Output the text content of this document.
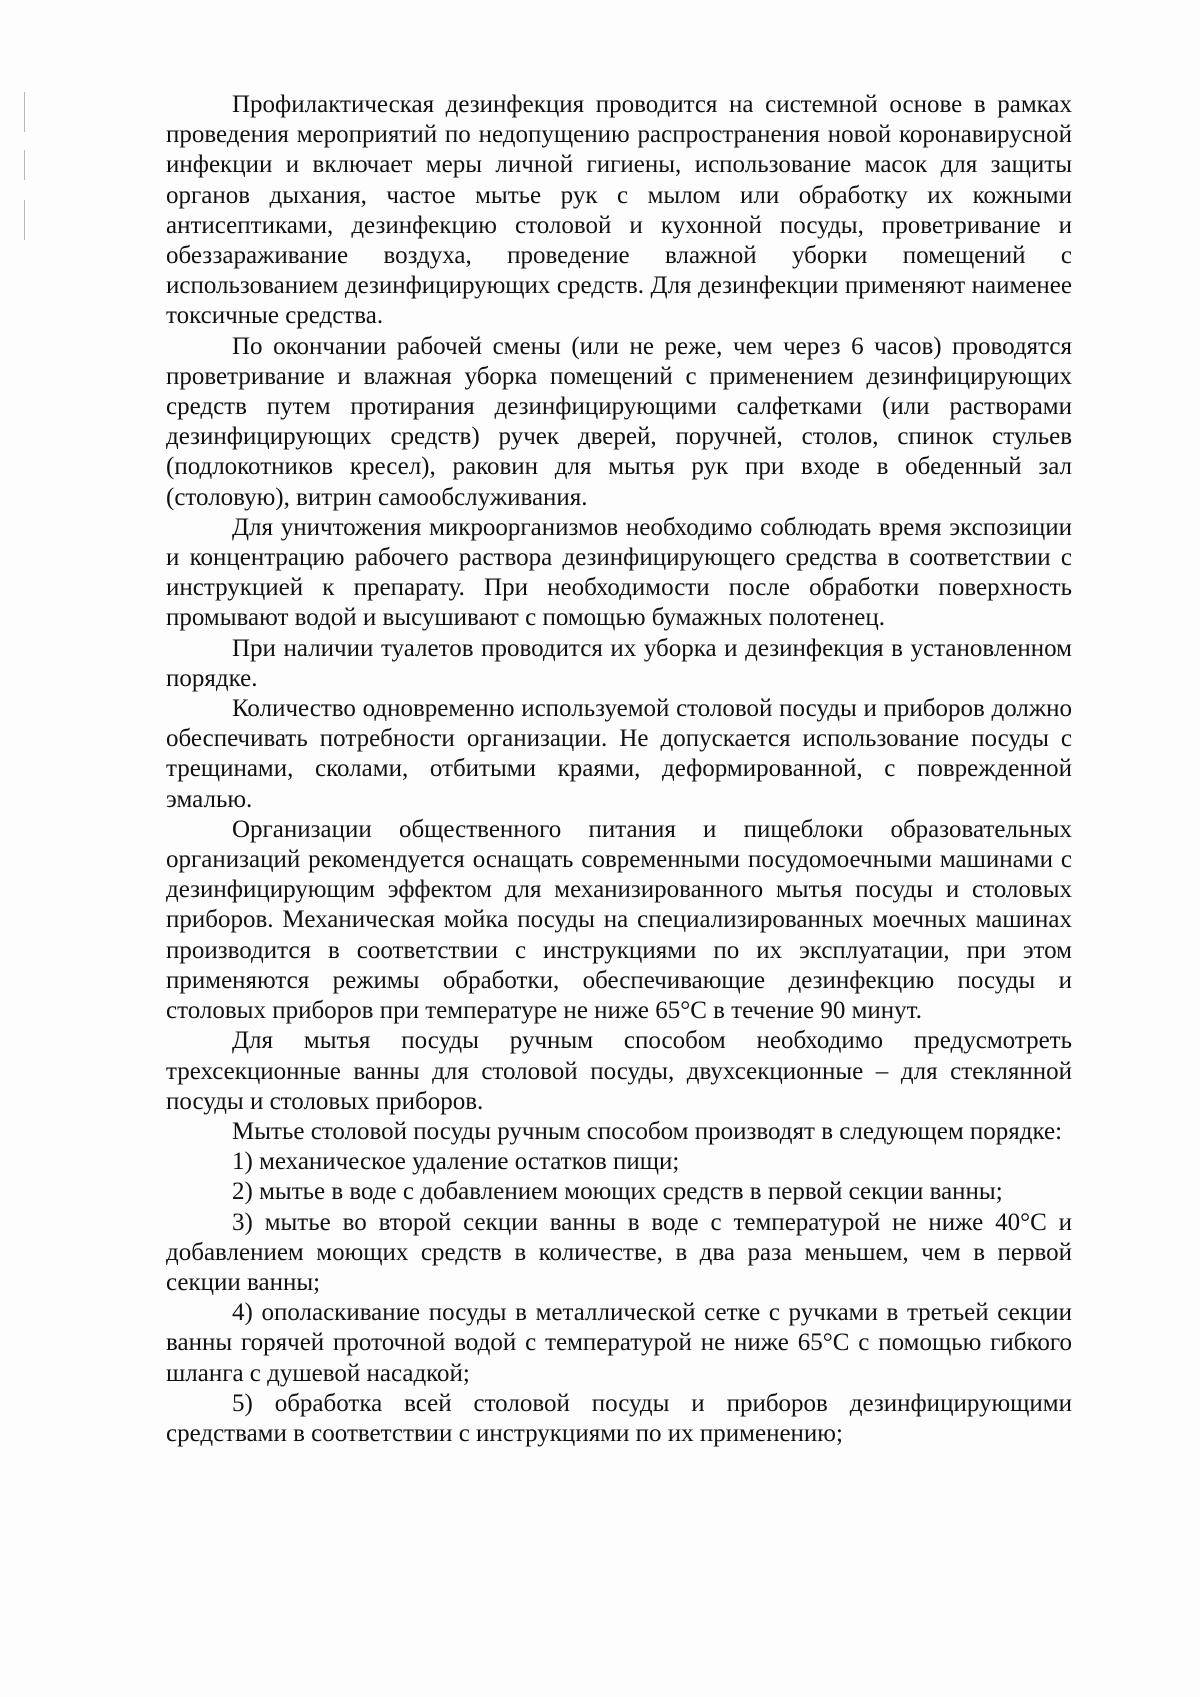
Профилактическая дезинфекция проводится на системной основе в рамках проведения мероприятий по недопущению распространения новой коронавирусной инфекции и включает меры личной гигиены, использование масок для защиты органов дыхания, частое мытье рук с мылом или обработку их кожными антисептиками, дезинфекцию столовой и кухонной посуды, проветривание и обеззараживание воздуха, проведение влажной уборки помещений с использованием дезинфицирующих средств. Для дезинфекции применяют наименее токсичные средства.

По окончании рабочей смены (или не реже, чем через 6 часов) проводятся проветривание и влажная уборка помещений с применением дезинфицирующих средств путем протирания дезинфицирующими салфетками (или растворами дезинфицирующих средств) ручек дверей, поручней, столов, спинок стульев (подлокотников кресел), раковин для мытья рук при входе в обеденный зал (столовую), витрин самообслуживания.

Для уничтожения микроорганизмов необходимо соблюдать время экспозиции и концентрацию рабочего раствора дезинфицирующего средства в соответствии с инструкцией к препарату. При необходимости после обработки поверхность промывают водой и высушивают с помощью бумажных полотенец.

При наличии туалетов проводится их уборка и дезинфекция в установленном порядке.

Количество одновременно используемой столовой посуды и приборов должно обеспечивать потребности организации. Не допускается использование посуды с трещинами, сколами, отбитыми краями, деформированной, с поврежденной эмалью.

Организации общественного питания и пищеблоки образовательных организаций рекомендуется оснащать современными посудомоечными машинами с дезинфицирующим эффектом для механизированного мытья посуды и столовых приборов. Механическая мойка посуды на специализированных моечных машинах производится в соответствии с инструкциями по их эксплуатации, при этом применяются режимы обработки, обеспечивающие дезинфекцию посуды и столовых приборов при температуре не ниже 65°С в течение 90 минут.

Для мытья посуды ручным способом необходимо предусмотреть трехсекционные ванны для столовой посуды, двухсекционные – для стеклянной посуды и столовых приборов.

Мытье столовой посуды ручным способом производят в следующем порядке:

1) механическое удаление остатков пищи;

2) мытье в воде с добавлением моющих средств в первой секции ванны;

3) мытье во второй секции ванны в воде с температурой не ниже 40°С и добавлением моющих средств в количестве, в два раза меньшем, чем в первой секции ванны;

4) ополаскивание посуды в металлической сетке с ручками в третьей секции ванны горячей проточной водой с температурой не ниже 65°С с помощью гибкого шланга с душевой насадкой;

5) обработка всей столовой посуды и приборов дезинфицирующими средствами в соответствии с инструкциями по их применению;
